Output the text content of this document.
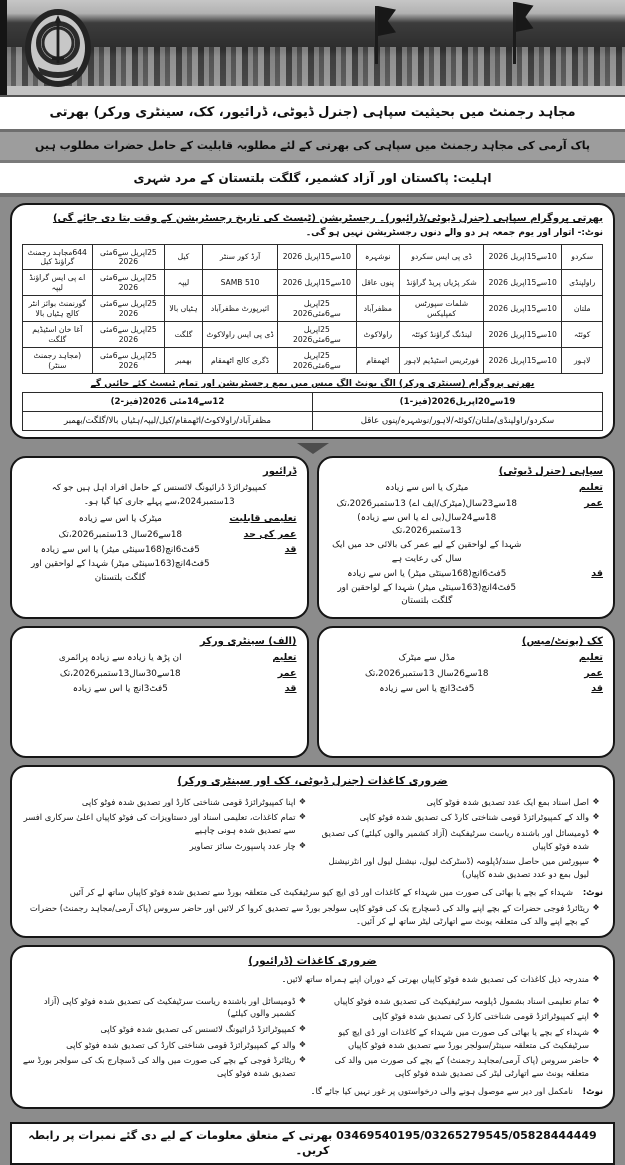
مجاہد رجمنٹ میں بحیثیت سپاہی (جنرل ڈیوٹی، ڈرائیور، کک، سینٹری ورکر) بھرتی
پاک آرمی کی مجاہد رجمنٹ میں سپاہی کی بھرتی کے لئے مطلوبہ قابلیت کے حامل حضرات مطلوب ہیں
اہلیت: پاکستان اور آزاد کشمیر، گلگت بلتستان کے مرد شہری
بھرتی پروگرام سپاہی (جنرل ڈیوٹی/ڈرائیور)۔ رجسٹریشن (ٹیسٹ کی تاریخ رجسٹریشن کے وقت بتا دی جائے گی)
نوٹ:- اتوار اور یوم جمعہ ہر دو والے دنوں رجسٹریشن نہیں ہو گی۔
سکردو	10سے15اپریل 2026	ڈی پی ایس سکردو	نوشہرہ	10سے15اپریل 2026	آرڈ کور سنٹر	کیل	25اپریل سے6مئی 2026	644مجاہد رجمنٹ گراؤنڈ کیل
راولپنڈی	10سے15اپریل 2026	شکر پڑیاں پریڈ گراؤنڈ	پنوں عاقل	10سے15اپریل 2026	510 SAMB	لیپہ	25اپریل سے6مئی 2026	اے پی ایس گراؤنڈ لیپہ
ملتان	10سے15اپریل 2026	شلمات سپورٹس کمپلیکس	مظفرآباد	25اپریل سے6مئی2026	ائیرپورٹ مظفرآباد	ہٹیاں بالا	25اپریل سے6مئی 2026	گورنمنٹ بوائز انٹر کالج ہٹیاں بالا
کوئٹہ	10سے15اپریل 2026	لینڈنگ گراؤنڈ کوئٹہ	راولاکوٹ	25اپریل سے6مئی2026	ڈی پی ایس راولاکوٹ	گلگت	25اپریل سے6مئی 2026	آغا خان اسٹیڈیم گلگت
لاہور	10سے15اپریل 2026	فورٹریس اسٹیڈیم لاہور	اٹھمقام	25اپریل سے6مئی2026	ڈگری کالج اٹھمقام	بھمبر	25اپریل سے6مئی 2026	(مجاہد رجمنٹ سنٹر)
بھرتی پروگرام (سینٹری ورکر) الگ یونٹ الگ میس میں بمع رجسٹریشن اور تمام ٹیسٹ کئے جائیں گے
19سے20اپریل2026(فیز-1)	12سے14مئی 2026(فیز-2)
سکردو/راولپنڈی/ملتان/کوئٹہ/لاہور/نوشہرہ/پنوں عاقل	مظفرآباد/راولاکوٹ/اٹھمقام/کیل/لیپہ/ہٹیاں بالا/گلگت/بھمبر
سپاہی (جنرل ڈیوٹی)
تعلیم
میٹرک یا اس سے زیادہ
عمر
18سے23سال(میٹرک/ایف اے) 13ستمبر2026،تک
18سے24سال(بی اے یا اس سے زیادہ) 13ستمبر2026،تک
شہدا کے لواحقین کے لیے عمر کی بالائی حد میں ایک سال کی رعایت ہے
قد
5فٹ6انچ(168سینٹی میٹر) یا اس سے زیادہ
5فٹ4انچ(163سینٹی میٹر) شہدا کے لواحقین اور گلگت بلتستان
ڈرائیور
کمپیوٹرائزڈ ڈرائیونگ لائسنس کے حامل افراد اہل ہیں جو کہ 13ستمبر2024،سے پہلے جاری کیا گیا ہو۔
تعلیمی قابلیت
میٹرک یا اس سے زیادہ
عمر کی حد
18سے26سال 13ستمبر2026،تک
قد
5فٹ6انچ(168سینٹی میٹر) یا اس سے زیادہ
5فٹ4انچ(163سینٹی میٹر) شہدا کے لواحقین اور گلگت بلتستان
کک (یونٹ/میس)
تعلیم
مڈل سے میٹرک
عمر
18سے26سال 13ستمبر2026،تک
قد
5فٹ3انچ یا اس سے زیادہ
(الف) سینٹری ورکر
تعلیم
ان پڑھ یا زیادہ سے زیادہ پرائمری
عمر
18سے30سال13ستمبر2026،تک
قد
5فٹ3انچ یا اس سے زیادہ
ضروری کاغذات (جنرل ڈیوٹی، کک اور سینٹری ورکر)
❖
اصل اسناد بمع ایک عدد تصدیق شدہ فوٹو کاپی
❖
والد کے کمپیوٹرائزڈ قومی شناختی کارڈ کی تصدیق شدہ فوٹو کاپی
❖
ڈومیسائل اور باشندہ ریاست سرٹیفکیٹ (آزاد کشمیر والوں کیلئے) کی تصدیق شدہ فوٹو کاپیاں
❖
سپورٹس میں حاصل سند/ڈپلومہ (ڈسٹرکٹ لیول، نیشنل لیول اور انٹرنیشنل لیول بمع دو عدد تصدیق شدہ کاپیاں)
❖
اپنا کمپیوٹرائزڈ قومی شناختی کارڈ اور تصدیق شدہ فوٹو کاپی
❖
تمام کاغذات، تعلیمی اسناد اور دستاویزات کی فوٹو کاپیاں اعلیٰ سرکاری افسر سے تصدیق شدہ ہونی چاہیے
❖
چار عدد پاسپورٹ سائز تصاویر
نوٹ:
شہداء کے بچے یا بھائی کی صورت میں شہداء کے کاغذات اور ڈی ایچ کیو سرٹیفکیٹ کی متعلقہ بورڈ سے تصدیق شدہ فوٹو کاپیاں ساتھ لے کر آئیں
❖
ریٹائرڈ فوجی حضرات کے بچے اپنے والد کی ڈسچارج بک کی فوٹو کاپی سولجر بورڈ سے تصدیق کروا کر لائیں اور حاضر سروس (پاک آرمی/مجاہد رجمنٹ) حضرات کے بچے اپنے والد کی متعلقہ یونٹ سے اتھارٹی لیٹر ساتھ لے کر آئیں۔
ضروری کاغذات (ڈرائیور)
❖
مندرجہ ذیل کاغذات کی تصدیق شدہ فوٹو کاپیاں بھرتی کے دوران اپنے ہمراہ ساتھ لائیں۔
❖
تمام تعلیمی اسناد بشمول ڈپلومہ سرٹیفیکیٹ کی تصدیق شدہ فوٹو کاپیاں
❖
اپنے کمپیوٹرائزڈ قومی شناختی کارڈ کی تصدیق شدہ فوٹو کاپی
❖
شہداء کے بچے یا بھائی کی صورت میں شہداء کے کاغذات اور ڈی ایچ کیو سرٹیفکیٹ کی متعلقہ سینٹر/سولجر بورڈ سے تصدیق شدہ فوٹو کاپیاں
❖
حاضر سروس (پاک آرمی/مجاہد رجمنٹ) کے بچے کی صورت میں والد کی متعلقہ یونٹ سے اتھارٹی لیٹر کی تصدیق شدہ فوٹو کاپی
❖
ڈومیسائل اور باشندہ ریاست سرٹیفکیٹ کی تصدیق شدہ فوٹو کاپی (آزاد کشمیر والوں کیلئے)
❖
کمپیوٹرائزڈ ڈرائیونگ لائسنس کی تصدیق شدہ فوٹو کاپی
❖
والد کے کمپیوٹرائزڈ قومی شناختی کارڈ کی تصدیق شدہ فوٹو کاپی
❖
ریٹائرڈ فوجی کے بچے کی صورت میں والد کی ڈسچارج بک کی سولجر بورڈ سے تصدیق شدہ فوٹو کاپی
نوٹ!
نامکمل اور دیر سے موصول ہونے والی درخواستوں پر غور نہیں کیا جائے گا۔
03469540195/03265279545/05828444449 بھرتی کے متعلق معلومات کے لیے دی گئے نمبرات پر رابطہ کریں۔
